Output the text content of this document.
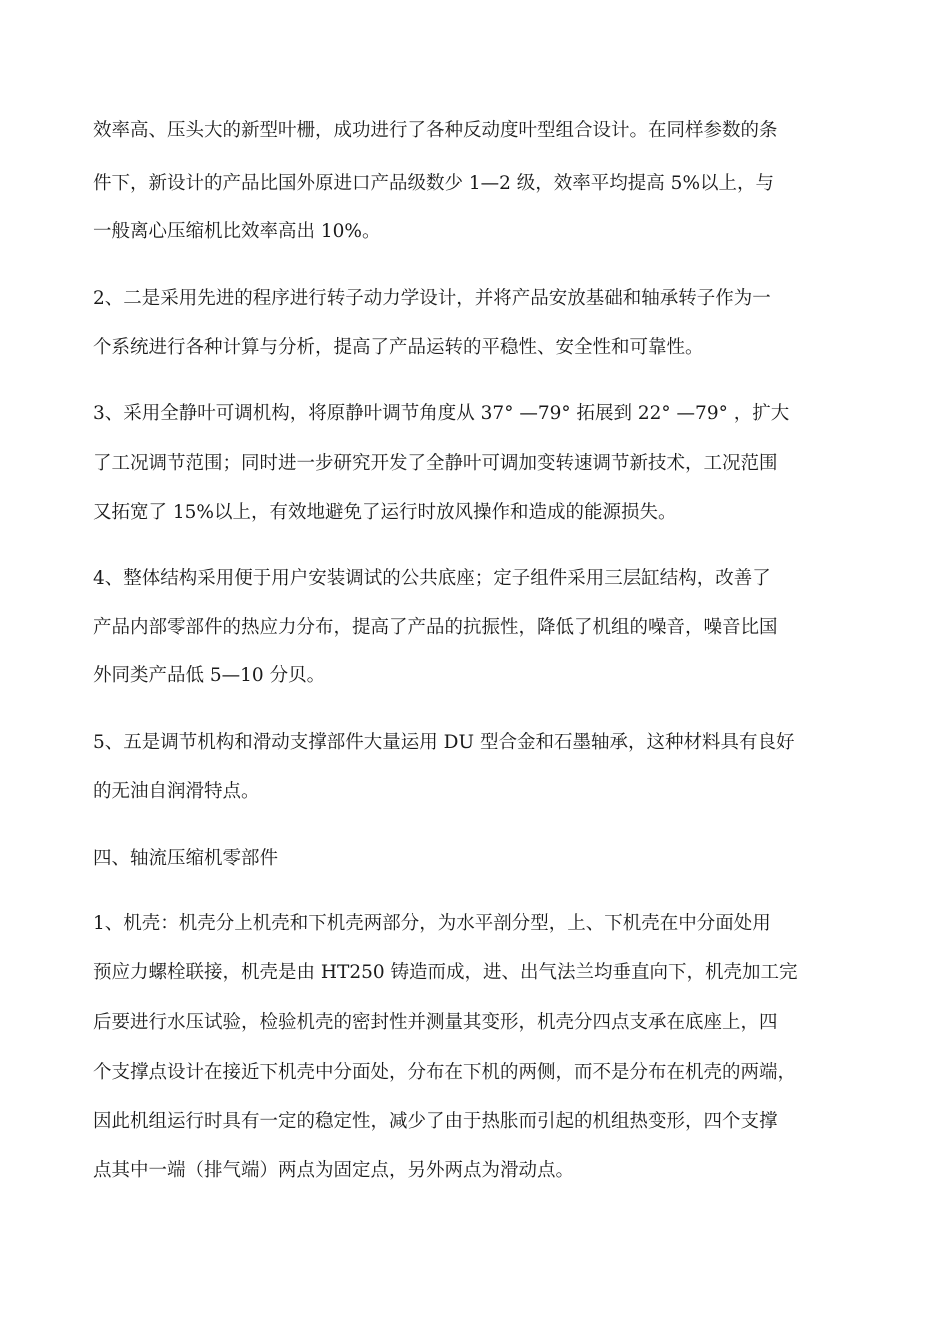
效率高、压头大的新型叶栅，成功进行了各种反动度叶型组合设计。在同样参数的条
件下，新设计的产品比国外原进口产品级数少 1—2 级，效率平均提高 5%以上，与
一般离心压缩机比效率高出 10%。
2、二是采用先进的程序进行转子动力学设计，并将产品安放基础和轴承转子作为一
个系统进行各种计算与分析，提高了产品运转的平稳性、安全性和可靠性。
3、采用全静叶可调机构，将原静叶调节角度从 37° —79° 拓展到 22° —79° ，扩大
了工况调节范围；同时进一步研究开发了全静叶可调加变转速调节新技术，工况范围
又拓宽了 15%以上，有效地避免了运行时放风操作和造成的能源损失。
4、整体结构采用便于用户安装调试的公共底座；定子组件采用三层缸结构，改善了
产品内部零部件的热应力分布，提高了产品的抗振性，降低了机组的噪音，噪音比国
外同类产品低 5—10 分贝。
5、五是调节机构和滑动支撑部件大量运用 DU 型合金和石墨轴承，这种材料具有良好
的无油自润滑特点。
四、轴流压缩机零部件
1、机壳：机壳分上机壳和下机壳两部分，为水平剖分型，上、下机壳在中分面处用
预应力螺栓联接，机壳是由 HT250 铸造而成，进、出气法兰均垂直向下，机壳加工完
后要进行水压试验，检验机壳的密封性并测量其变形，机壳分四点支承在底座上，四
个支撑点设计在接近下机壳中分面处，分布在下机的两侧，而不是分布在机壳的两端，
因此机组运行时具有一定的稳定性，减少了由于热胀而引起的机组热变形，四个支撑
点其中一端（排气端）两点为固定点，另外两点为滑动点。
